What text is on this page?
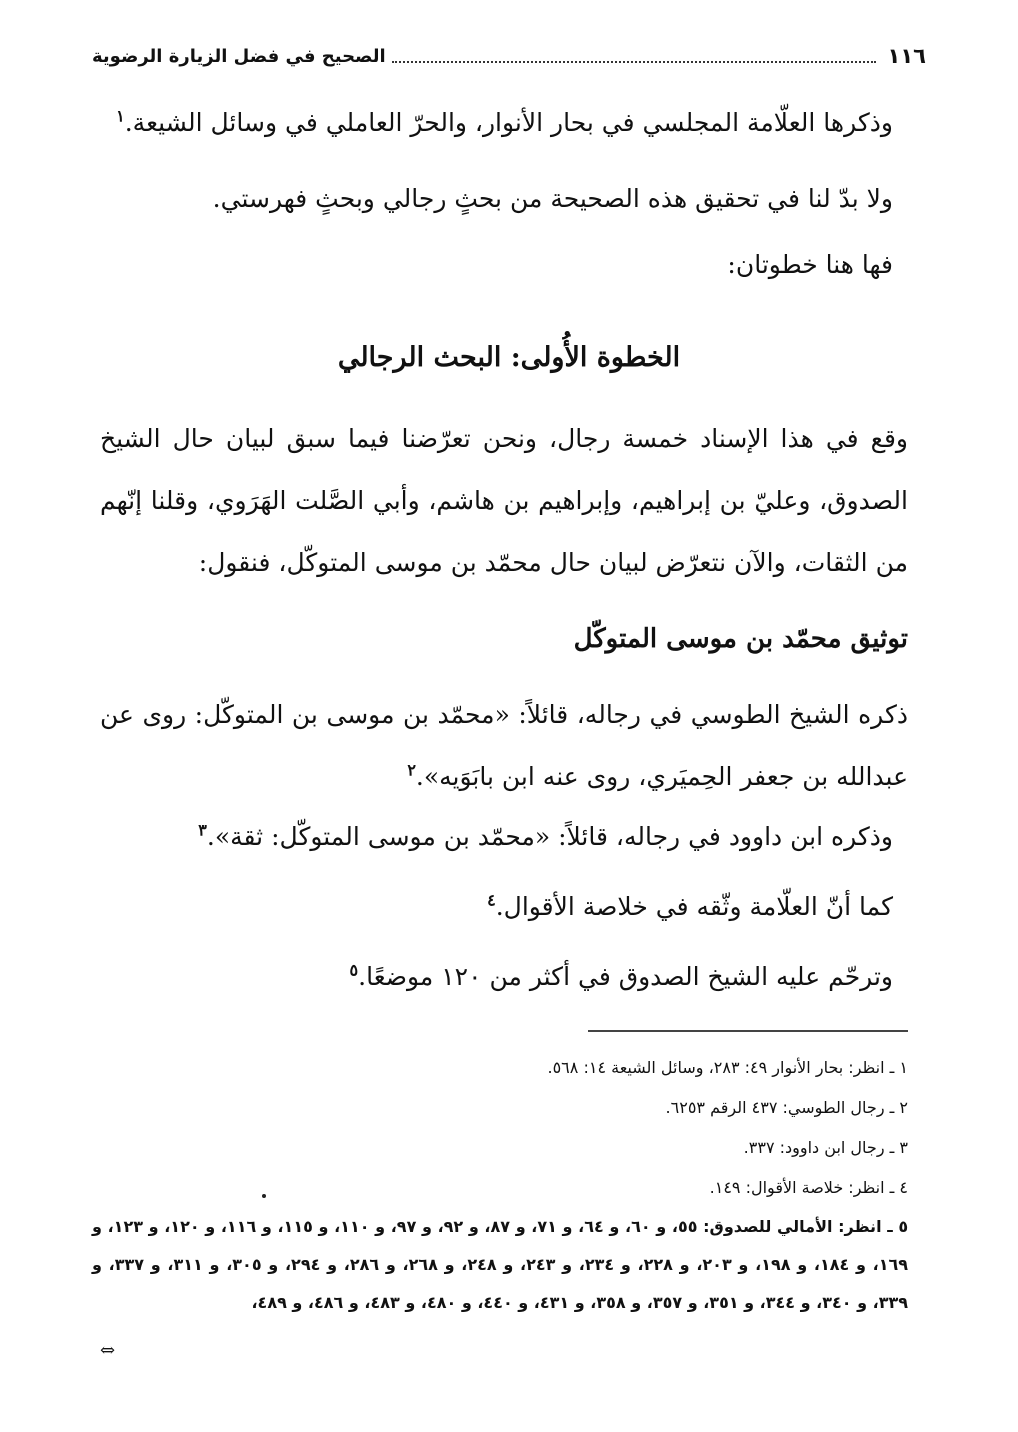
١١٦
الصحيح في فضل الزيارة الرضوية

وذكرها العلّامة المجلسي في بحار الأنوار، والحرّ العاملي في وسائل الشيعة.$^١$

ولا بدّ لنا في تحقيق هذه الصحيحة من بحثٍ رجالي وبحثٍ فهرستي.

فها هنا خطوتان:

الخطوة الأُولى: البحث الرجالي

وقع في هذا الإسناد خمسة رجال، ونحن تعرّضنا فيما سبق لبيان حال الشيخ الصدوق، وعليّ بن إبراهيم، وإبراهيم بن هاشم، وأبي الصَّلت الهَرَوي، وقلنا إنّهم من الثقات، والآن نتعرّض لبيان حال محمّد بن موسى المتوكّل، فنقول:

توثيق محمّد بن موسى المتوكّل

ذكره الشيخ الطوسي في رجاله، قائلاً: «محمّد بن موسى بن المتوكّل: روى عن عبدالله بن جعفر الحِميَري، روى عنه ابن بابَوَيه».$^٢$

وذكره ابن داوود في رجاله، قائلاً: «محمّد بن موسى المتوكّل: ثقة».$^٣$

كما أنّ العلّامة وثّقه في خلاصة الأقوال.$^٤$

وترحّم عليه الشيخ الصدوق في أكثر من ١٢٠ موضعًا.$^٥$

١ ـ انظر: بحار الأنوار ٤٩: ٢٨٣، وسائل الشيعة ١٤: ٥٦٨.

٢ ـ رجال الطوسي: ٤٣٧ الرقم ٦٢٥٣.

٣ ـ رجال ابن داوود: ٣٣٧.

٤ ـ انظر: خلاصة الأقوال: ١٤٩.

٥ ـ انظر: الأمالي للصدوق: ٥٥، و ٦٠، و ٦٤، و ٧١، و ٨٧، و ٩٢، و ٩٧، و ١١٠، و ١١٥، و ١١٦، و ١٢٠، و ١٢٣، و ١٦٩، و ١٨٤، و ١٩٨، و ٢٠٣، و ٢٢٨، و ٢٣٤، و ٢٤٣، و ٢٤٨، و ٢٦٨، و ٢٨٦، و ٢٩٤، و ٣٠٥، و ٣١١، و ٣٣٧، و ٣٣٩، و ٣٤٠، و ٣٤٤، و ٣٥١، و ٣٥٧، و ٣٥٨، و ٤٣١، و ٤٤٠، و ٤٨٠، و ٤٨٣، و ٤٨٦، و ٤٨٩،

⇔
